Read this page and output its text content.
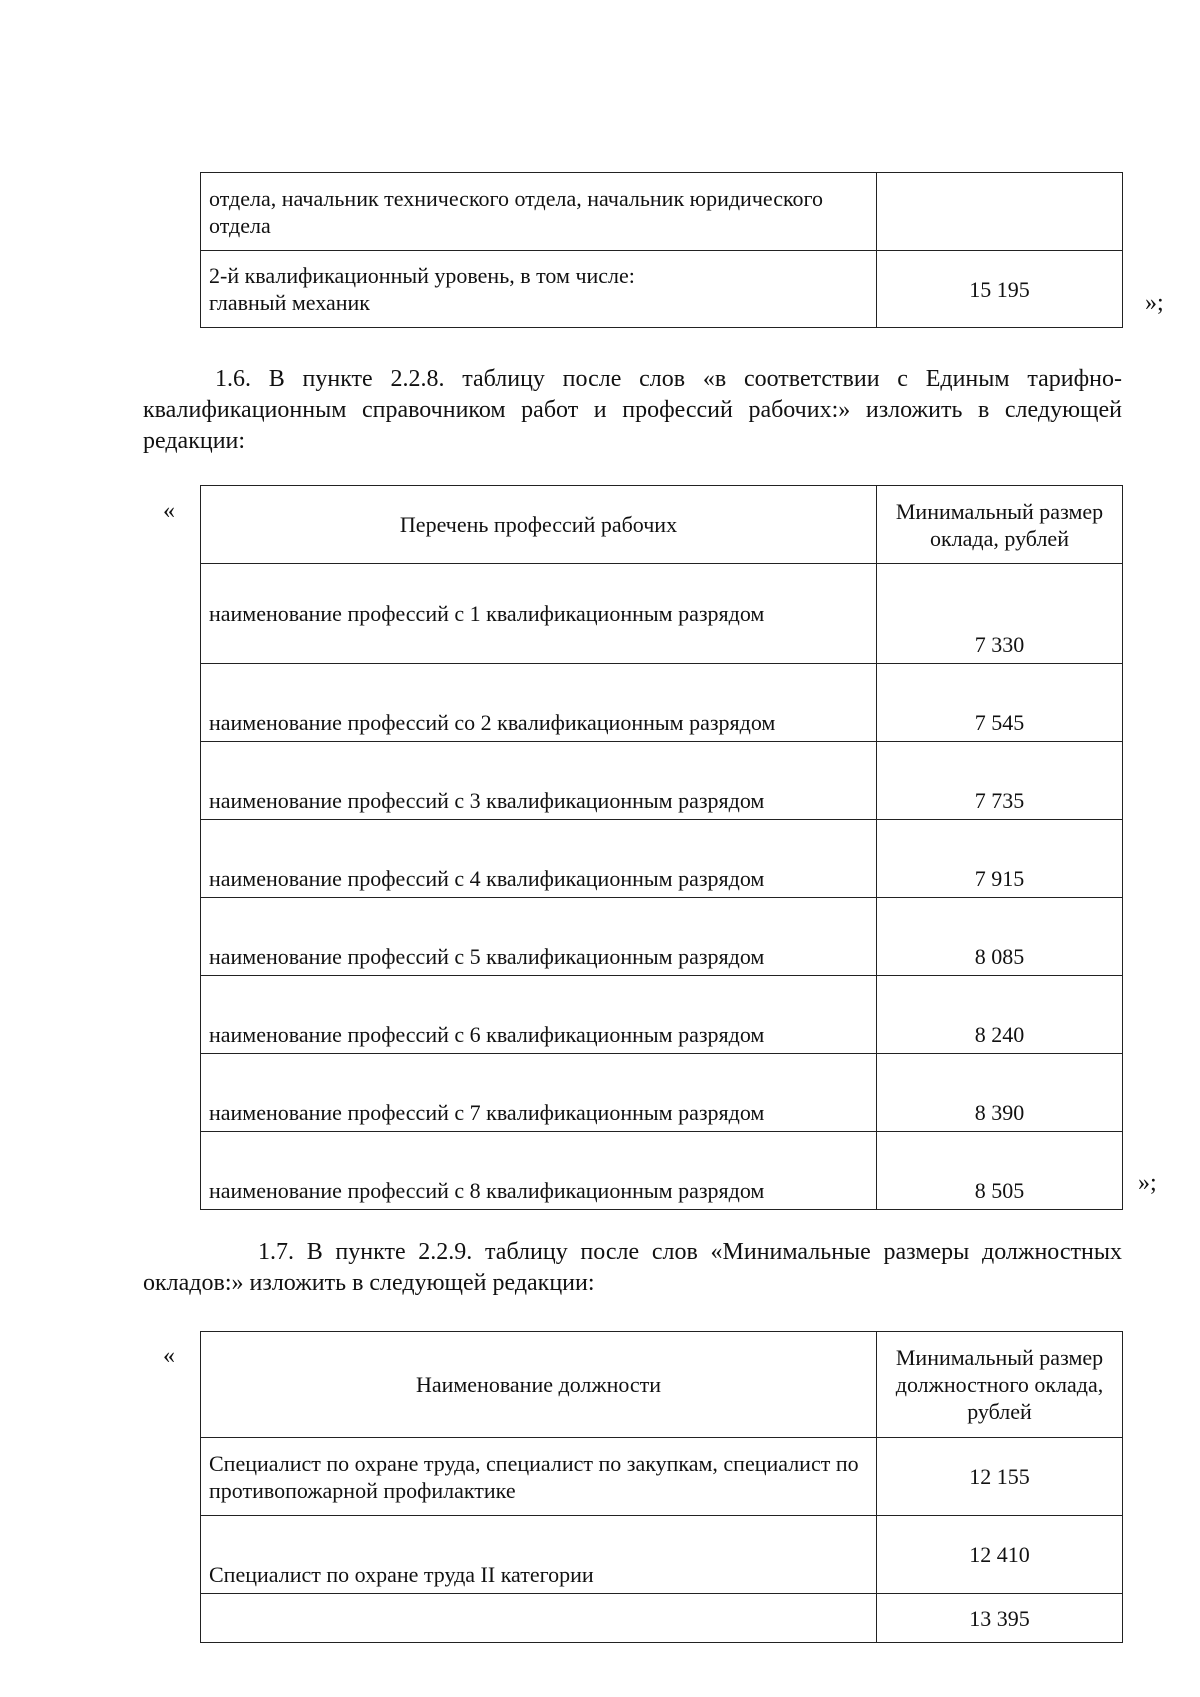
отдела, начальник технического отдела, начальник юридического отдела	

2-й квалификационный уровень, в том числе:
главный механик	15 195
»;

1.6. В пункте 2.2.8. таблицу после слов «в соответствии с Единым тарифно-квалификационным справочником работ и профессий рабочих:» изложить в следующей редакции:

«
Перечень профессий рабочих	Минимальный размер оклада, рублей
наименование профессий с 1 квалификационным разрядом	7 330
наименование профессий со 2 квалификационным разрядом	7 545
наименование профессий с 3 квалификационным разрядом	7 735
наименование профессий с 4 квалификационным разрядом	7 915
наименование профессий с 5 квалификационным разрядом	8 085
наименование профессий с 6 квалификационным разрядом	8 240
наименование профессий с 7 квалификационным разрядом	8 390
наименование профессий с 8 квалификационным разрядом	8 505	»;

1.7. В пункте 2.2.9. таблицу после слов «Минимальные размеры должностных окладов:» изложить в следующей редакции:

«
Наименование должности	Минимальный размер должностного оклада, рублей
Специалист по охране труда, специалист по закупкам, специалист по противопожарной профилактике	12 155
Специалист по охране труда II категории	12 410
	13 395
